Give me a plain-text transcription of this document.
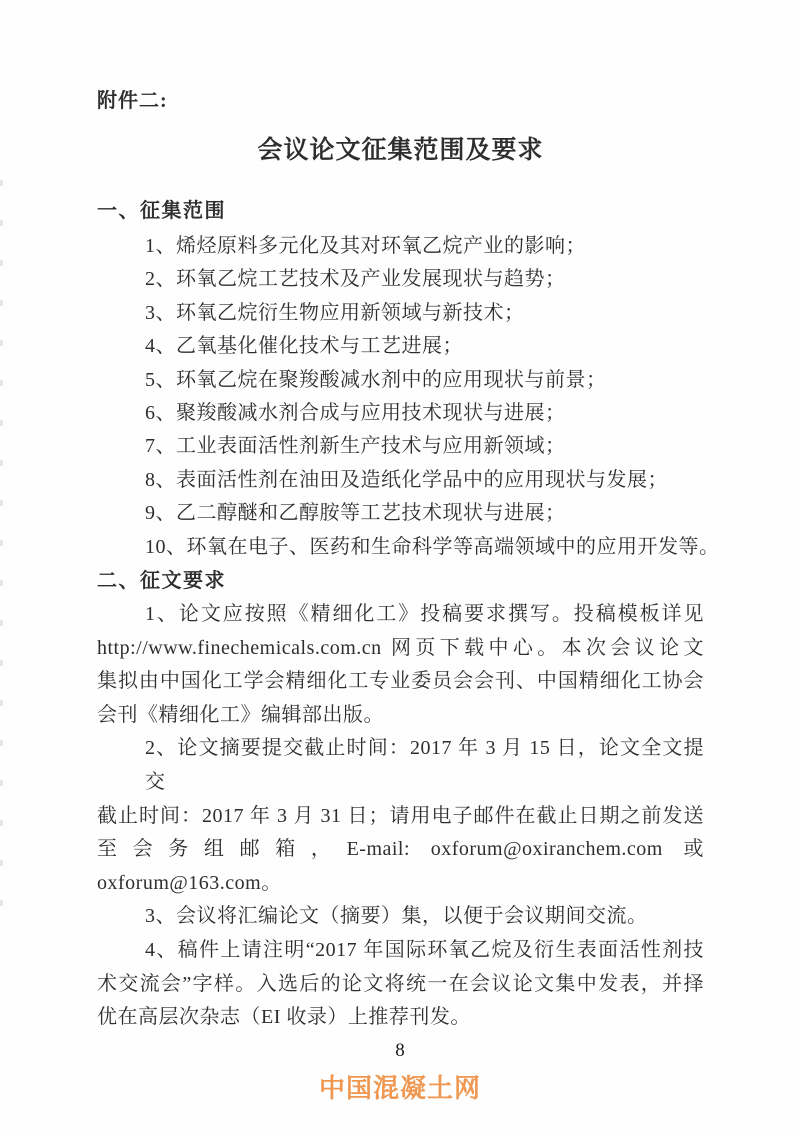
附件二:
会议论文征集范围及要求
一、征集范围
1、烯烃原料多元化及其对环氧乙烷产业的影响；
2、环氧乙烷工艺技术及产业发展现状与趋势；
3、环氧乙烷衍生物应用新领域与新技术；
4、乙氧基化催化技术与工艺进展；
5、环氧乙烷在聚羧酸减水剂中的应用现状与前景；
6、聚羧酸减水剂合成与应用技术现状与进展；
7、工业表面活性剂新生产技术与应用新领域；
8、表面活性剂在油田及造纸化学品中的应用现状与发展；
9、乙二醇醚和乙醇胺等工艺技术现状与进展；
10、环氧在电子、医药和生命科学等高端领域中的应用开发等。
二、征文要求
1、论文应按照《精细化工》投稿要求撰写。投稿模板详见
http://www.finechemicals.com.cn 网页下载中心。本次会议论文
集拟由中国化工学会精细化工专业委员会会刊、中国精细化工协会
会刊《精细化工》编辑部出版。
2、论文摘要提交截止时间：2017 年 3 月 15 日，论文全文提交
截止时间：2017 年 3 月 31 日；请用电子邮件在截止日期之前发送
至会务组邮箱，E-mail: oxforum@oxiranchem.com 或
oxforum@163.com。
3、会议将汇编论文（摘要）集，以便于会议期间交流。
4、稿件上请注明“2017 年国际环氧乙烷及衍生表面活性剂技
术交流会”字样。入选后的论文将统一在会议论文集中发表，并择
优在高层次杂志（EI 收录）上推荐刊发。
8
中国混凝土网
